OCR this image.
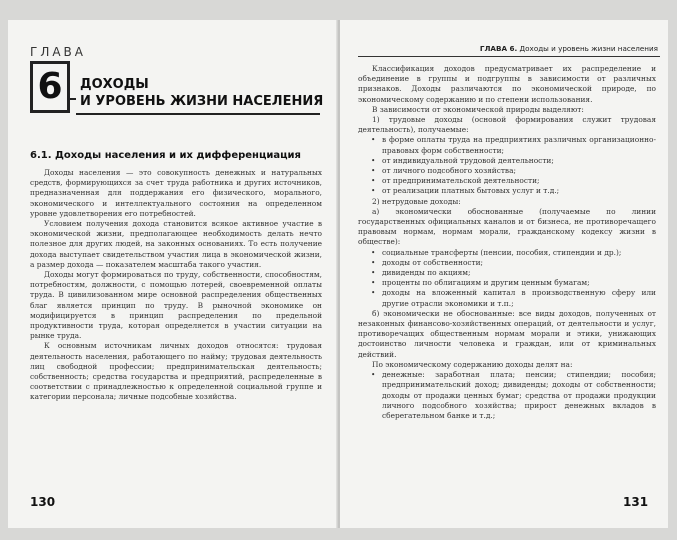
ГЛАВА
6	ДОХОДЫ
И УРОВЕНЬ ЖИЗНИ НАСЕЛЕНИЯ
6.1. Доходы населения и их дифференциация

Доходы населения — это совокупность денежных и натуральных средств, формирующихся за счет труда работника и других источников, предназначенная для поддержания его физического, морального, экономического и интеллектуального состояния на определенном уровне удовлетворения его потребностей.

Условием получения дохода становится всякое активное участие в экономической жизни, предполагающее необходимость делать нечто полезное для других людей, на законных основаниях. То есть получение дохода выступает свидетельством участия лица в экономической жизни, а размер дохода — показателем масштаба такого участия.

Доходы могут формироваться по труду, собственности, способностям, потребностям, должности, с помощью лотерей, своевременной оплаты труда. В цивилизованном мире основной распределения общественных благ является принцип по труду. В рыночной экономике он модифицируется в принцип распределения по предельной продуктивности труда, которая определяется в участии ситуации на рынке труда.

К основным источникам личных доходов относятся: трудовая деятельность населения, работающего по найму; трудовая деятельность лиц свободной профессии; предпринимательская деятельность; собственность; средства государства и предприятий, распределенные в соответствии с принадлежностью к определенной социальной группе и категории персонала; личные подсобные хозяйства.

130
ГЛАВА 6. Доходы и уровень жизни населения

Классификация доходов предусматривает их распределение и объединение в группы и подгруппы в зависимости от различных признаков. Доходы различаются по экономической природе, по экономическому содержанию и по степени использования.

В зависимости от экономической природы выделяют:

1) трудовые доходы (основой формирования служит трудовая деятельность), получаемые:

• в форме оплаты труда на предприятиях различных организационно-правовых форм собственности;
• от индивидуальной трудовой деятельности;
• от личного подсобного хозяйства;
• от предпринимательской деятельности;
• от реализации платных бытовых услуг и т.д.;

2) нетрудовые доходы:

а) экономически обоснованные (получаемые по линии государственных официальных каналов и от бизнеса, не противоречащего правовым нормам, нормам морали, гражданскому кодексу жизни в обществе):

• социальные трансферты (пенсии, пособия, стипендии и др.);
• доходы от собственности;
• дивиденды по акциям;
• проценты по облигациям и другим ценным бумагам;
• доходы на вложенный капитал в производственную сферу или другие отрасли экономики и т.п.;

б) экономически не обоснованные: все виды доходов, полученных от незаконных финансово-хозяйственных операций, от деятельности и услуг, противоречащих общественным нормам морали и этики, унижающих достоинство личности человека и граждан, или от криминальных действий.

По экономическому содержанию доходы делят на:

• денежные: заработная плата; пенсии; стипендии; пособия; предпринимательский доход; дивиденды; доходы от собственности; доходы от продажи ценных бумаг; средства от продажи продукции личного подсобного хозяйства; прирост денежных вкладов в сберегательном банке и т.д.;
131
